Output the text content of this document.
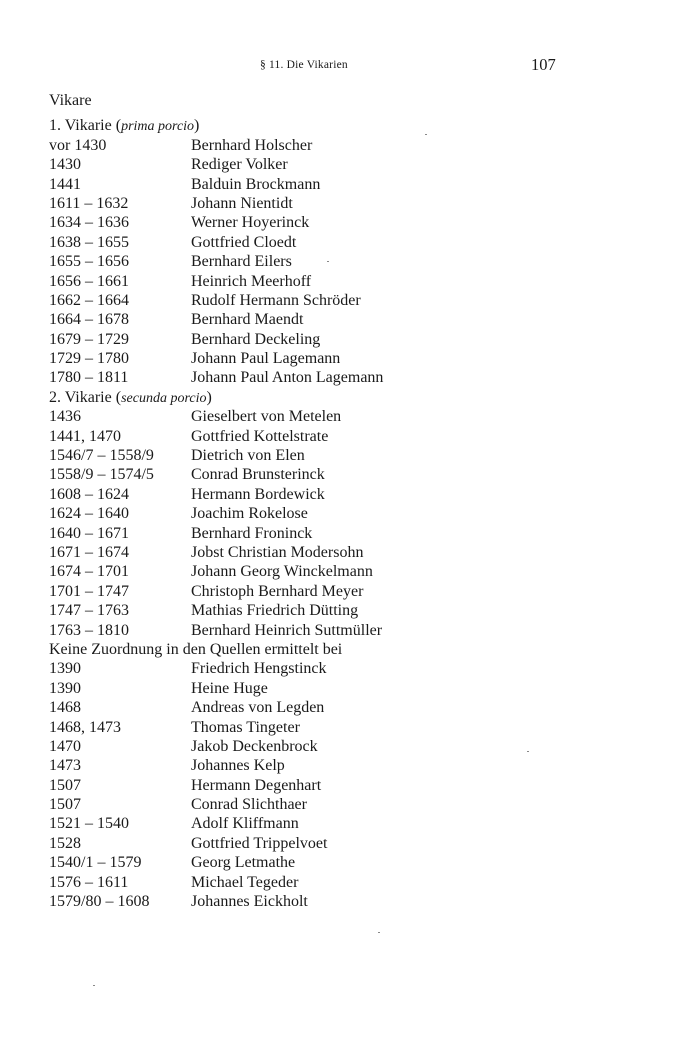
§ 11. Die Vikarien	107
Vikare
1. Vikarie (prima porcio)
vor 1430	Bernhard Holscher
1430	Rediger Volker
1441	Balduin Brockmann
1611 – 1632	Johann Nientidt
1634 – 1636	Werner Hoyerinck
1638 – 1655	Gottfried Cloedt
1655 – 1656	Bernhard Eilers
1656 – 1661	Heinrich Meerhoff
1662 – 1664	Rudolf Hermann Schröder
1664 – 1678	Bernhard Maendt
1679 – 1729	Bernhard Deckeling
1729 – 1780	Johann Paul Lagemann
1780 – 1811	Johann Paul Anton Lagemann
2. Vikarie (secunda porcio)
1436	Gieselbert von Metelen
1441, 1470	Gottfried Kottelstrate
1546/7 – 1558/9 Dietrich von Elen
1558/9 – 1574/5 Conrad Brunsterinck
1608 – 1624	Hermann Bordewick
1624 – 1640	Joachim Rokelose
1640 – 1671	Bernhard Froninck
1671 – 1674	Jobst Christian Modersohn
1674 – 1701	Johann Georg Winckelmann
1701 – 1747	Christoph Bernhard Meyer
1747 – 1763	Mathias Friedrich Dütting
1763 – 1810	Bernhard Heinrich Suttmüller
Keine Zuordnung in den Quellen ermittelt bei
1390	Friedrich Hengstinck
1390	Heine Huge
1468	Andreas von Legden
1468, 1473	Thomas Tingeter
1470	Jakob Deckenbrock
1473	Johannes Kelp
1507	Hermann Degenhart
1507	Conrad Slichthaer
1521 – 1540	Adolf Kliffmann
1528	Gottfried Trippelvoet
1540/1 – 1579	Georg Letmathe
1576 – 1611	Michael Tegeder
1579/80 – 1608	Johannes Eickholt
